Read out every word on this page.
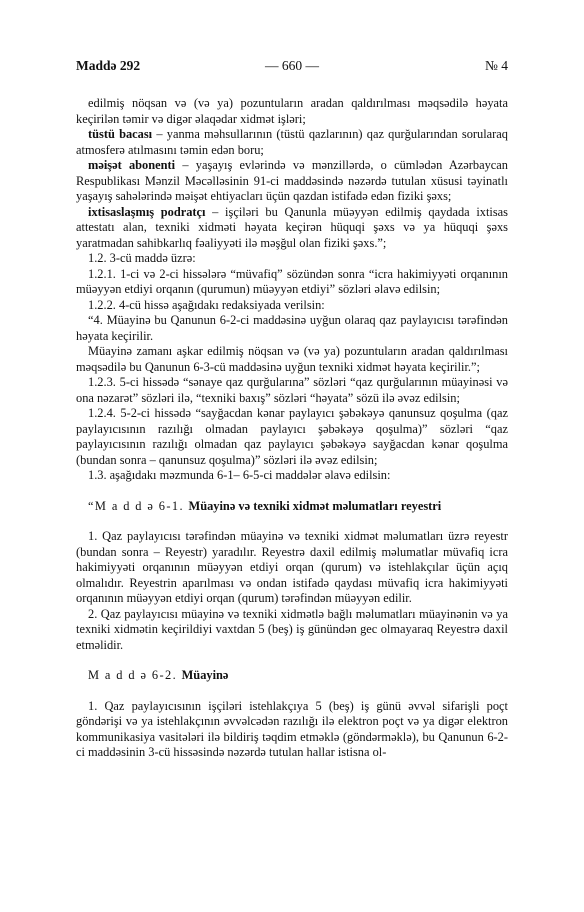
Maddə 292	— 660 —	№ 4

edilmiş nöqsan və (və ya) pozuntuların aradan qaldırılması məqsədilə həyata keçirilən təmir və digər əlaqədar xidmət işləri;

tüstü bacası – yanma məhsullarının (tüstü qazlarının) qaz qurğularından sorularaq atmosferə atılmasını təmin edən boru;

məişət abonenti – yaşayış evlərində və mənzillərdə, o cümlədən Azərbaycan Respublikası Mənzil Məcəlləsinin 91-ci maddəsində nəzərdə tutulan xüsusi təyinatlı yaşayış sahələrində məişət ehtiyacları üçün qazdan istifadə edən fiziki şəxs;

ixtisaslaşmış podratçı – işçiləri bu Qanunla müəyyən edilmiş qaydada ixtisas attestatı alan, texniki xidməti həyata keçirən hüquqi şəxs və ya hüquqi şəxs yaratmadan sahibkarlıq fəaliyyəti ilə məşğul olan fiziki şəxs.”;

1.2. 3-cü maddə üzrə:

1.2.1. 1-ci və 2-ci hissələrə “müvafiq” sözündən sonra “icra hakimiyyəti orqanının müəyyən etdiyi orqanın (qurumun) müəyyən etdiyi” sözləri əlavə edilsin;

1.2.2. 4-cü hissə aşağıdakı redaksiyada verilsin:

“4. Müayinə bu Qanunun 6-2-ci maddəsinə uyğun olaraq qaz paylayıcısı tərəfindən həyata keçirilir.

Müayinə zamanı aşkar edilmiş nöqsan və (və ya) pozuntuların aradan qaldırılması məqsədilə bu Qanunun 6-3-cü maddəsinə uyğun texniki xidmət həyata keçirilir.”;

1.2.3. 5-ci hissədə “sənaye qaz qurğularına” sözləri “qaz qurğularının müayinəsi və ona nəzarət” sözləri ilə, “texniki baxış” sözləri “həyata” sözü ilə əvəz edilsin;

1.2.4. 5-2-ci hissədə “sayğacdan kənar paylayıcı şəbəkəyə qanunsuz qoşulma (qaz paylayıcısının razılığı olmadan paylayıcı şəbəkəyə qoşulma)” sözləri “qaz paylayıcısının razılığı olmadan qaz paylayıcı şəbəkəyə sayğacdan kənar qoşulma (bundan sonra – qanunsuz qoşulma)” sözləri ilə əvəz edilsin;

1.3. aşağıdakı məzmunda 6-1– 6-5-ci maddələr əlavə edilsin:

“M a d d ə 6-1. Müayinə və texniki xidmət məlumatları reyestri

1. Qaz paylayıcısı tərəfindən müayinə və texniki xidmət məlumatları üzrə reyestr (bundan sonra – Reyestr) yaradılır. Reyestrə daxil edilmiş məlumatlar müvafiq icra hakimiyyəti orqanının müəyyən etdiyi orqan (qurum) və istehlakçılar üçün açıq olmalıdır. Reyestrin aparılması və ondan istifadə qaydası müvafiq icra hakimiyyəti orqanının müəyyən etdiyi orqan (qurum) tərəfindən müəyyən edilir.

2. Qaz paylayıcısı müayinə və texniki xidmətlə bağlı məlumatları müayinənin və ya texniki xidmətin keçirildiyi vaxtdan 5 (beş) iş günündən gec olmayaraq Reyestrə daxil etməlidir.

M a d d ə 6-2. Müayinə

1. Qaz paylayıcısının işçiləri istehlakçıya 5 (beş) iş günü əvvəl sifarişli poçt göndərişi və ya istehlakçının əvvəlcədən razılığı ilə elektron poçt və ya digər elektron kommunikasiya vasitələri ilə bildiriş təqdim etməklə (göndərməklə), bu Qanunun 6-2-ci maddəsinin 3-cü hissəsində nəzərdə tutulan hallar istisna ol-
